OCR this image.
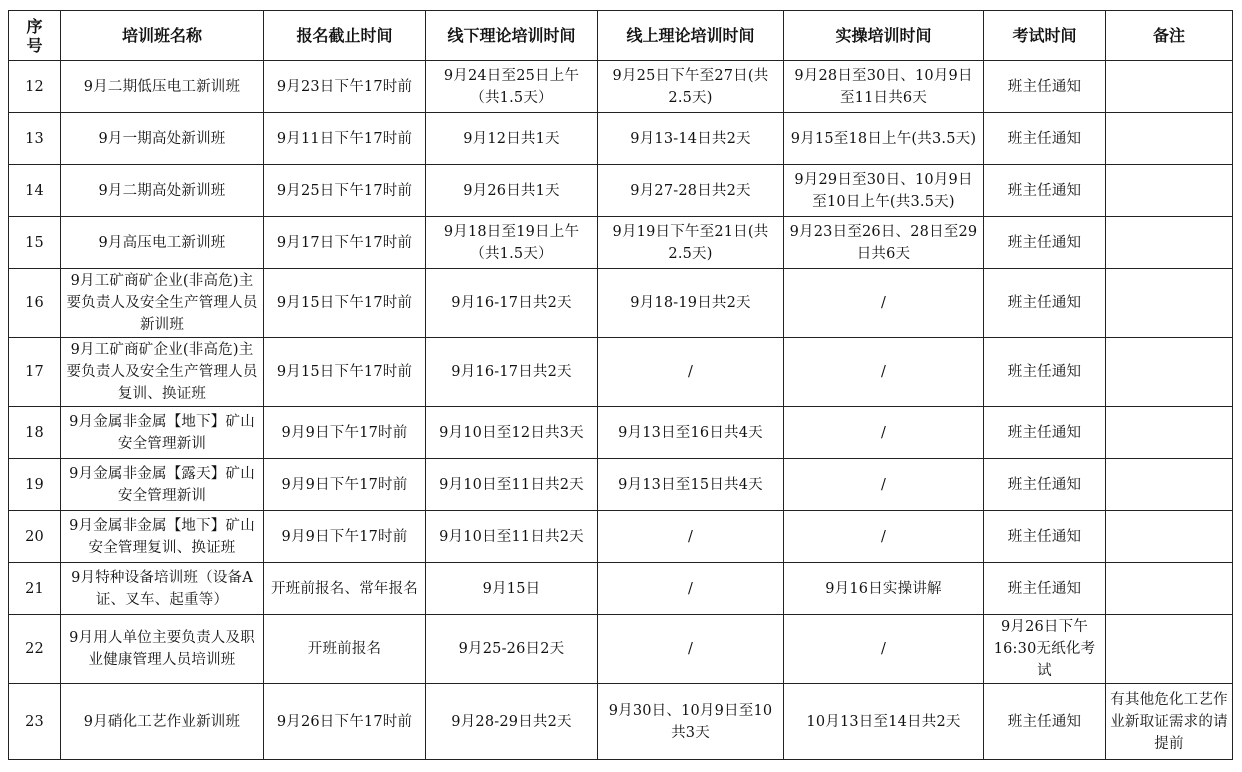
序号	培训班名称	报名截止时间	线下理论培训时间	线上理论培训时间	实操培训时间	考试时间	备注
12	9月二期低压电工新训班	9月23日下午17时前	9月24日至25日上午（共1.5天）	9月25日下午至27日(共2.5天)	9月28日至30日、10月9日至11日共6天	班主任通知	
13	9月一期高处新训班	9月11日下午17时前	9月12日共1天	9月13-14日共2天	9月15至18日上午(共3.5天)	班主任通知	
14	9月二期高处新训班	9月25日下午17时前	9月26日共1天	9月27-28日共2天	9月29日至30日、10月9日至10日上午(共3.5天)	班主任通知	
15	9月高压电工新训班	9月17日下午17时前	9月18日至19日上午（共1.5天）	9月19日下午至21日(共2.5天)	9月23日至26日、28日至29日共6天	班主任通知	
16	9月工矿商矿企业(非高危)主要负责人及安全生产管理人员新训班	9月15日下午17时前	9月16-17日共2天	9月18-19日共2天	/	班主任通知	
17	9月工矿商矿企业(非高危)主要负责人及安全生产管理人员复训、换证班	9月15日下午17时前	9月16-17日共2天	/	/	班主任通知	
18	9月金属非金属【地下】矿山安全管理新训	9月9日下午17时前	9月10日至12日共3天	9月13日至16日共4天	/	班主任通知	
19	9月金属非金属【露天】矿山安全管理新训	9月9日下午17时前	9月10日至11日共2天	9月13日至15日共4天	/	班主任通知	
20	9月金属非金属【地下】矿山安全管理复训、换证班	9月9日下午17时前	9月10日至11日共2天	/	/	班主任通知	
21	9月特种设备培训班（设备A证、叉车、起重等）	开班前报名、常年报名	9月15日	/	9月16日实操讲解	班主任通知	
22	9月用人单位主要负责人及职业健康管理人员培训班	开班前报名	9月25-26日2天	/	/	9月26日下午16:30无纸化考试	
23	9月硝化工艺作业新训班	9月26日下午17时前	9月28-29日共2天	9月30日、10月9日至10共3天	10月13日至14日共2天	班主任通知	有其他危化工艺作业新取证需求的请提前
